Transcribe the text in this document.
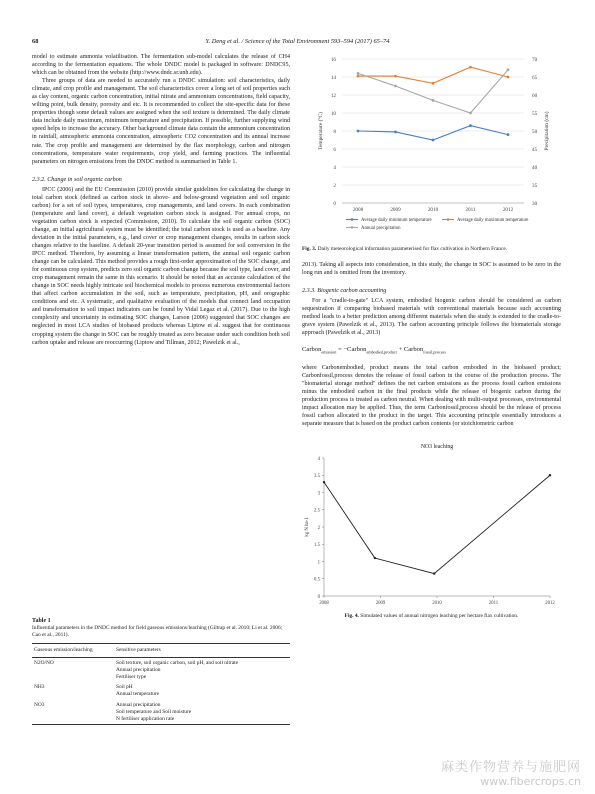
68	Y. Deng et al. / Science of the Total Environment 593–594 (2017) 65–74

model to estimate ammonia volatilisation. The fermentation sub-model calculates the release of CH4 according to the fermentation equations. The whole DNDC model is packaged in software: DNDC95, which can be obtained from the website (http://www.dndc.sr.unh.edu).

Three groups of data are needed to accurately run a DNDC simulation: soil characteristics, daily climate, and crop profile and management. The soil characteristics cover a long set of soil properties such as clay content, organic carbon concentration, initial nitrate and ammonium concentrations, field capacity, wilting point, bulk density, porosity and etc. It is recommended to collect the site-specific data for these properties though some default values are assigned when the soil texture is determined. The daily climate data include daily maximum, minimum temperature and precipitation. If possible, further supplying wind speed helps to increase the accuracy. Other background climate data contain the ammonium concentration in rainfall, atmospheric ammonia concentration, atmospheric CO2 concentration and its annual increase rate. The crop profile and management are determined by the flax morphology, carbon and nitrogen concentrations, temperature water requirements, crop yield, and farming practices. The influential parameters on nitrogen emissions from the DNDC method is summarised in Table 1.

2.3.2. Change in soil organic carbon

IPCC (2006) and the EU Commission (2010) provide similar guidelines for calculating the change in total carbon stock (defined as carbon stock in above- and below-ground vegetation and soil organic carbon) for a set of soil types, temperatures, crop managements, and land covers. In each combination (temperature and land cover), a default vegetation carbon stock is assigned. For annual crops, no vegetation carbon stock is expected (Commission, 2010). To calculate the soil organic carbon (SOC) change, an initial agricultural system must be identified; the total carbon stock is used as a baseline. Any deviation in the initial parameters, e.g., land cover or crop management changes, results in carbon stock changes relative to the baseline. A default 20-year transition period is assumed for soil conversion in the IPCC method. Therefore, by assuming a linear transformation pattern, the annual soil organic carbon change can be calculated. This method provides a rough first-order approximation of the SOC change, and for continuous crop system, predicts zero soil organic carbon change because the soil type, land cover, and crop management remain the same in this scenario. It should be noted that an accurate calculation of the change in SOC needs highly intricate soil biochemical models to process numerous environmental factors that affect carbon accumulation in the soil, such as temperature, precipitation, pH, and orographic conditions and etc. A systematic, and qualitative evaluation of the models that connect land occupation and transformation to soil impact indicators can be found by Vidal Legaz et al. (2017). Due to the high complexity and uncertainty in estimating SOC changes, Larson (2006) suggested that SOC changes are neglected in most LCA studies of biobased products whereas Liptow et al. suggest that for continuous cropping system the change in SOC can be roughly treated as zero because under such condition both soil carbon uptake and release are reoccurring (Liptow and Tillman, 2012; Pawelzik et al.,

Table 1
Influential parameters in the DNDC method for field gaseous emissions/leaching (Giltrap et al. 2010; Li et al. 2006; Cao et al., 2011).
Gaseous emission/leaching	Sensitive parameters
N2O/NO	Soil texture, soil organic carbon, soil pH, and soil nitrate
Annual precipitation
Fertiliser type

NH3	Soil pH
Annual temperature

NO3	Annual precipitation
Soil temperature and Soil moisture
N fertiliser application rate
0
2
4
6
8
10
12
14
16
30
35
40
45
50
55
60
65
70
2008	2009	2010	2011	2012
Temperature (°C)	Precipitation (cm)
Average daily minimum temperature	Average daily maximum temperature
Annual precipitation

Fig. 3. Daily meteorological information parameterised for flax cultivation in Northern France.

2013). Taking all aspects into consideration, in this study, the change in SOC is assumed to be zero in the long run and is omitted from the inventory.

2.3.3. Biogenic carbon accounting

For a "cradle-to-gate" LCA system, embodied biogenic carbon should be considered as carbon sequestration if comparing biobased materials with conventional materials because such accounting method leads to a better prediction among different materials when the study is extended to the cradle-to-grave system (Pawelzik et al., 2013). The carbon accounting principle follows the biomaterials storage approach (Pawelzik et al., 2013)

Carbon$_{emission}$ = −Carbon$_{embodied,product}$ + Carbon$_{fossil,process}$

where Carbonembodied, product means the total carbon embodied in the biobased product; Carbonfossil,process denotes the release of fossil carbon in the course of the production process. The "biomaterial storage method" defines the net carbon emissions as the process fossil carbon emissions minus the embodied carbon in the final products while the release of biogenic carbon during the production process is treated as carbon neutral. When dealing with multi-output processes, environmental impact allocation may be applied. Thus, the term Carbonfossil,process should be the release of process fossil carbon allocated to the product in the target. This accounting principle essentially introduces a separate measure that is based on the product carbon contents (or stoichiometric carbon

NO3 leaching
0
0.5
1
1.5
2
2.5
3
3.5
4
2008	2009	2010	2011	2012
kg N ha-1

Fig. 4. Simulated values of annual nitrogen leaching per hectare flax cultivation.

麻类作物营养与施肥网
www.fibercrops.cn
